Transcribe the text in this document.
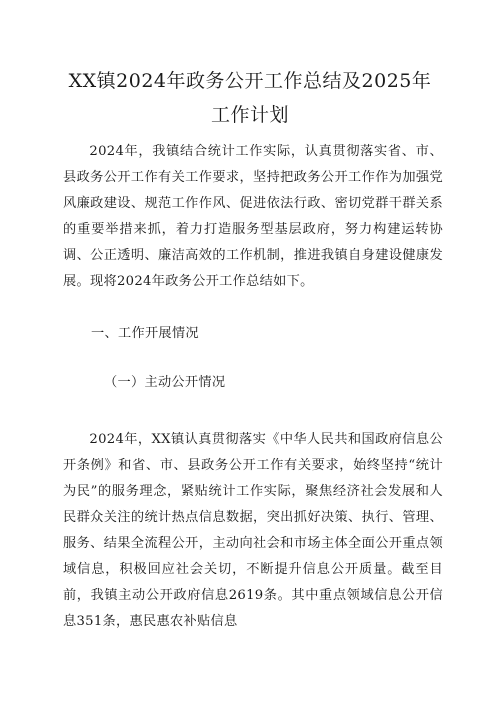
XX镇2024年政务公开工作总结及2025年
工作计划

2024年，我镇结合统计工作实际，认真贯彻落实省、市、县政务公开工作有关工作要求，坚持把政务公开工作作为加强党风廉政建设、规范工作作风、促进依法行政、密切党群干群关系的重要举措来抓，着力打造服务型基层政府，努力构建运转协调、公正透明、廉洁高效的工作机制，推进我镇自身建设健康发展。现将2024年政务公开工作总结如下。

一、工作开展情况

（一）主动公开情况

2024年，XX镇认真贯彻落实《中华人民共和国政府信息公开条例》和省、市、县政务公开工作有关要求，始终坚持“统计为民”的服务理念，紧贴统计工作实际，聚焦经济社会发展和人民群众关注的统计热点信息数据，突出抓好决策、执行、管理、服务、结果全流程公开，主动向社会和市场主体全面公开重点领域信息，积极回应社会关切，不断提升信息公开质量。截至目前，我镇主动公开政府信息2619条。其中重点领域信息公开信息351条，惠民惠农补贴信息
